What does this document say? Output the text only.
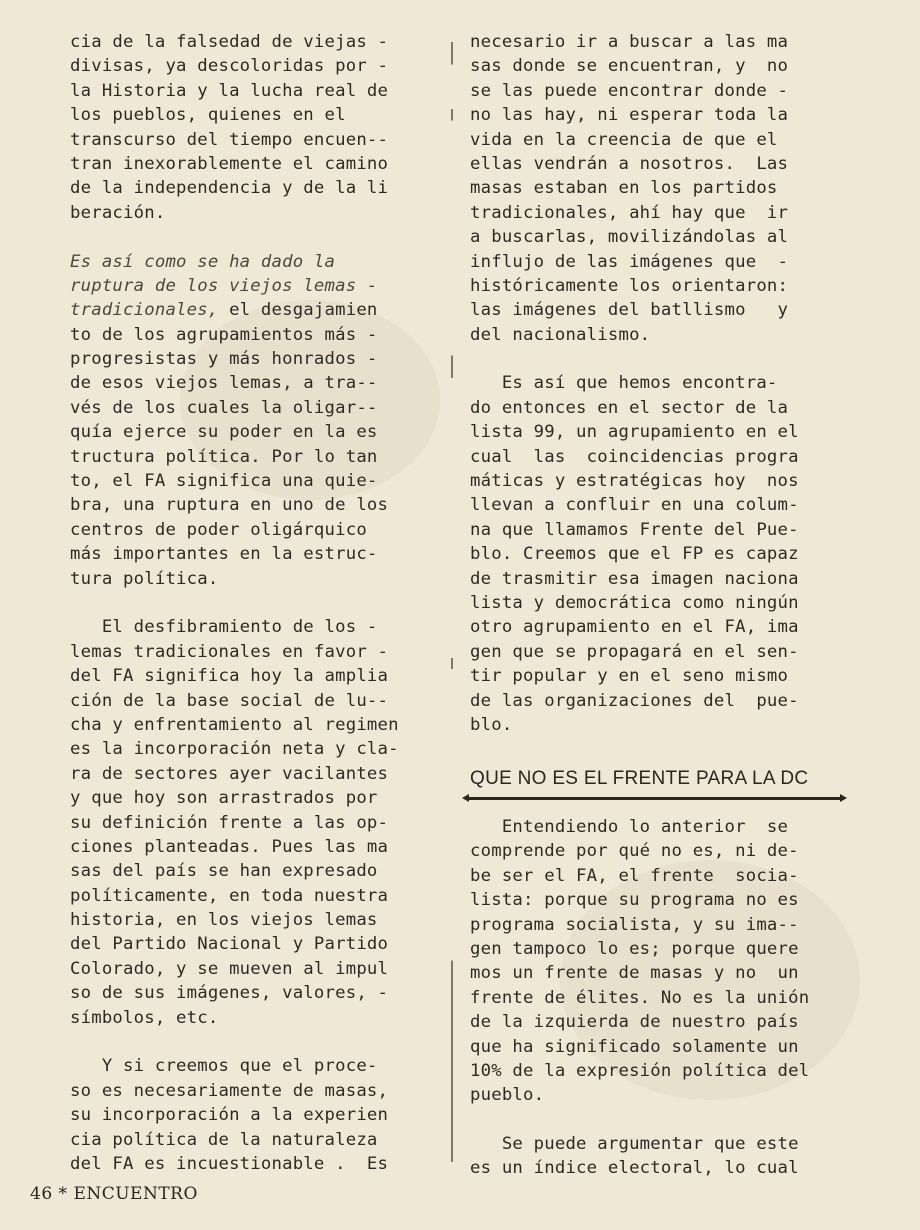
cia de la falsedad de viejas -
divisas, ya descoloridas por -
la Historia y la lucha real de
los pueblos, quienes en el
transcurso del tiempo encuen--
tran inexorablemente el camino
de la independencia y de la li
beración.
Es así como se ha dado la
ruptura de los viejos lemas -
tradicionales, el desgajamien
to de los agrupamientos más -
progresistas y más honrados -
de esos viejos lemas, a tra--
vés de los cuales la oligar--
quía ejerce su poder en la es
tructura política. Por lo tan
to, el FA significa una quie-
bra, una ruptura en uno de los
centros de poder oligárquico
más importantes en la estruc-
tura política.
El desfibramiento de los -
lemas tradicionales en favor -
del FA significa hoy la amplia
ción de la base social de lu--
cha y enfrentamiento al regimen
es la incorporación neta y cla-
ra de sectores ayer vacilantes
y que hoy son arrastrados por
su definición frente a las op-
ciones planteadas. Pues las ma
sas del país se han expresado
políticamente, en toda nuestra
historia, en los viejos lemas
del Partido Nacional y Partido
Colorado, y se mueven al impul
so de sus imágenes, valores, -
símbolos, etc.
Y si creemos que el proce-
so es necesariamente de masas,
su incorporación a la experien
cia política de la naturaleza
del FA es incuestionable .  Es
necesario ir a buscar a las ma
sas donde se encuentran, y  no
se las puede encontrar donde -
no las hay, ni esperar toda la
vida en la creencia de que el
ellas vendrán a nosotros.  Las
masas estaban en los partidos
tradicionales, ahí hay que  ir
a buscarlas, movilizándolas al
influjo de las imágenes que  -
históricamente los orientaron:
las imágenes del batllismo   y
del nacionalismo.
Es así que hemos encontra-
do entonces en el sector de la
lista 99, un agrupamiento en el
cual  las  coincidencias progra
máticas y estratégicas hoy  nos
llevan a confluir en una colum-
na que llamamos Frente del Pue-
blo. Creemos que el FP es capaz
de trasmitir esa imagen naciona
lista y democrática como ningún
otro agrupamiento en el FA, ima
gen que se propagará en el sen-
tir popular y en el seno mismo
de las organizaciones del  pue-
blo.
QUE NO ES EL FRENTE PARA LA DC
Entendiendo lo anterior  se
comprende por qué no es, ni de-
be ser el FA, el frente  socia-
lista: porque su programa no es
programa socialista, y su ima--
gen tampoco lo es; porque quere
mos un frente de masas y no  un
frente de élites. No es la unión
de la izquierda de nuestro país
que ha significado solamente un
10% de la expresión política del
pueblo.
Se puede argumentar que este
es un índice electoral, lo cual
46 * ENCUENTRO
